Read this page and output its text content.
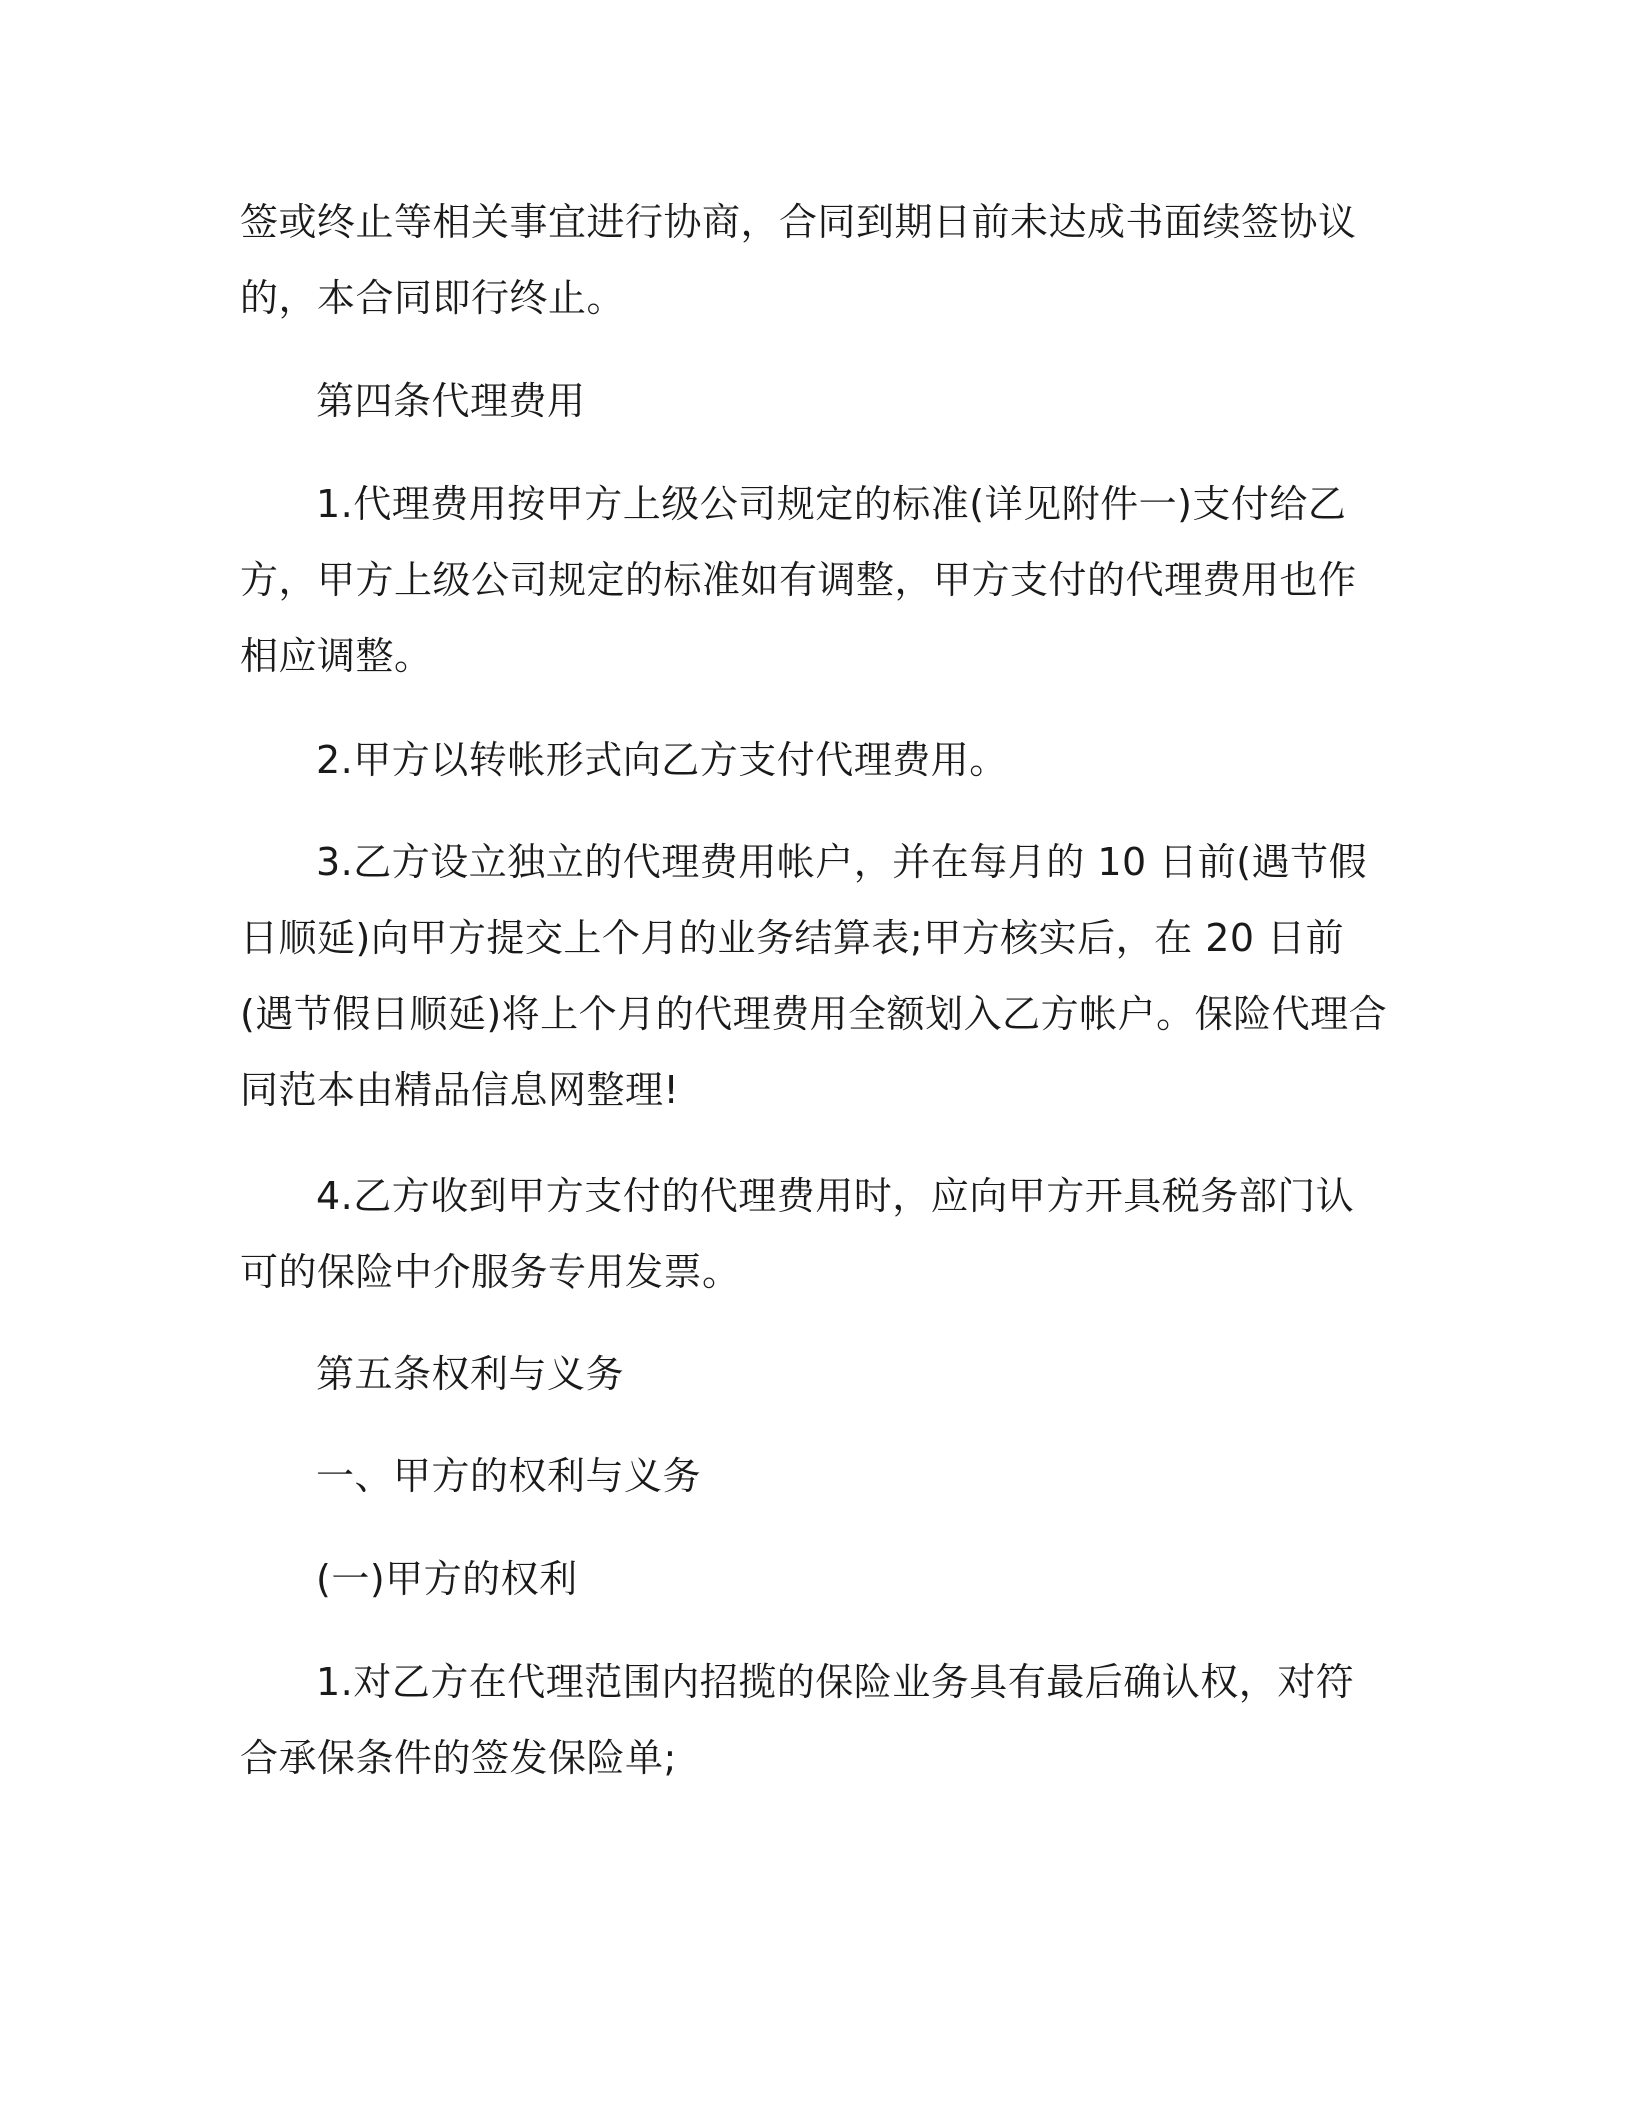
签或终止等相关事宜进行协商，合同到期日前未达成书面续签协议的，本合同即行终止。

第四条代理费用

1.代理费用按甲方上级公司规定的标准(详见附件一)支付给乙方，甲方上级公司规定的标准如有调整，甲方支付的代理费用也作相应调整。

2.甲方以转帐形式向乙方支付代理费用。

3.乙方设立独立的代理费用帐户，并在每月的 10 日前(遇节假日顺延)向甲方提交上个月的业务结算表;甲方核实后，在 20 日前(遇节假日顺延)将上个月的代理费用全额划入乙方帐户。保险代理合同范本由精品信息网整理!

4.乙方收到甲方支付的代理费用时，应向甲方开具税务部门认可的保险中介服务专用发票。

第五条权利与义务

一、甲方的权利与义务

(一)甲方的权利

1.对乙方在代理范围内招揽的保险业务具有最后确认权，对符合承保条件的签发保险单;
